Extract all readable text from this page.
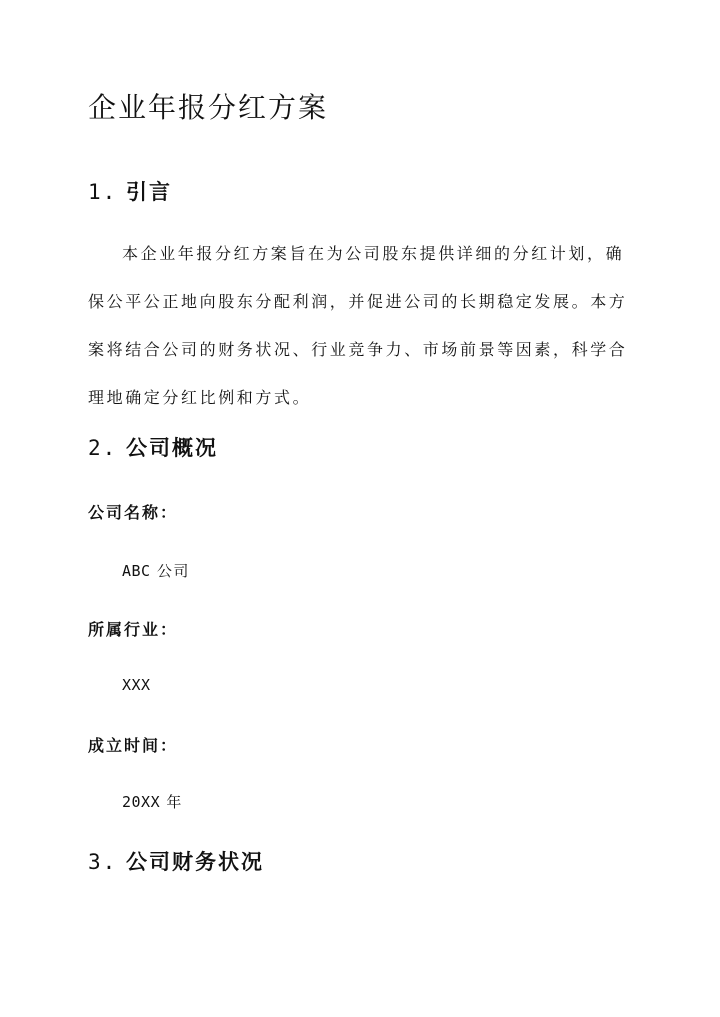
企业年报分红方案
1. 引言
本企业年报分红方案旨在为公司股东提供详细的分红计划，确
保公平公正地向股东分配利润，并促进公司的长期稳定发展。本方
案将结合公司的财务状况、行业竞争力、市场前景等因素，科学合
理地确定分红比例和方式。
2. 公司概况

公司名称：

ABC 公司

所属行业：

XXX

成立时间：

20XX 年

3. 公司财务状况
